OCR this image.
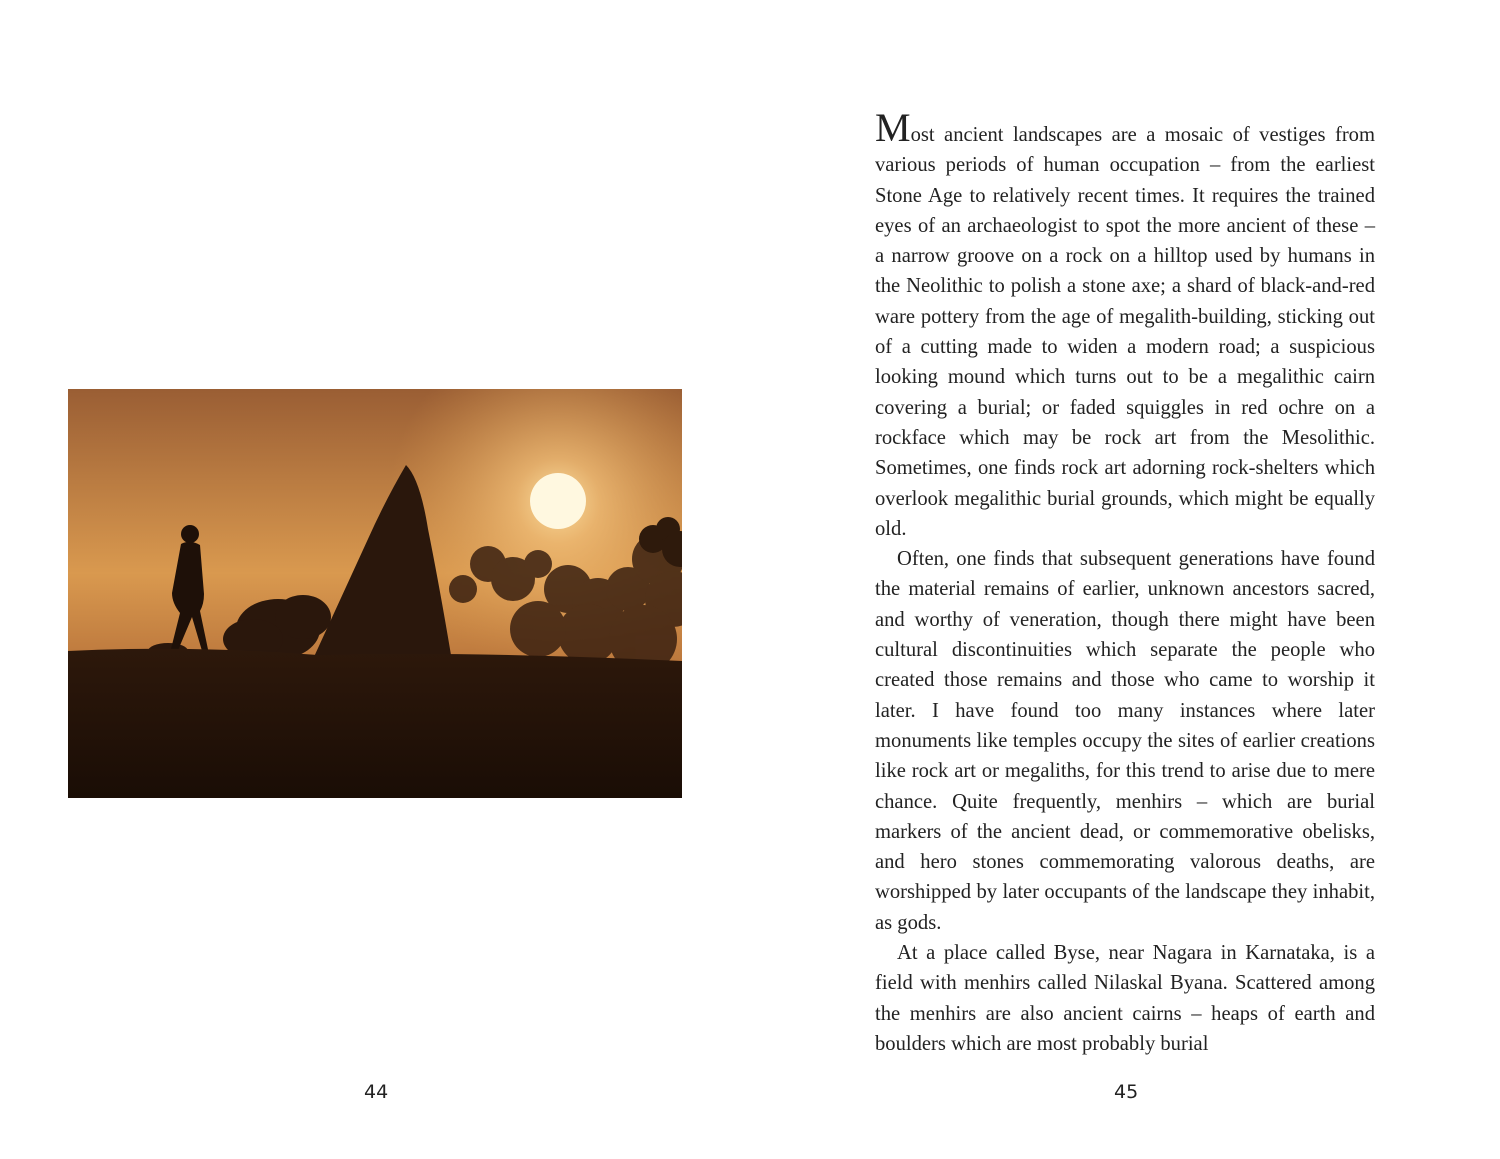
44

Most ancient landscapes are a mosaic of vestiges from various periods of human occupation – from the earliest Stone Age to relatively recent times. It requires the trained eyes of an archaeologist to spot the more ancient of these – a narrow groove on a rock on a hilltop used by humans in the Neolithic to polish a stone axe; a shard of black-and-red ware pottery from the age of megalith-building, sticking out of a cutting made to widen a modern road; a suspicious looking mound which turns out to be a megalithic cairn covering a burial; or faded squiggles in red ochre on a rockface which may be rock art from the Mesolithic. Sometimes, one finds rock art adorning rock-shelters which overlook megalithic burial grounds, which might be equally old.

Often, one finds that subsequent generations have found the material remains of earlier, unknown ancestors sacred, and worthy of veneration, though there might have been cultural discontinuities which separate the people who created those remains and those who came to worship it later. I have found too many instances where later monuments like temples occupy the sites of earlier creations like rock art or megaliths, for this trend to arise due to mere chance. Quite frequently, menhirs – which are burial markers of the ancient dead, or commemorative obelisks, and hero stones commemorating valorous deaths, are worshipped by later occupants of the landscape they inhabit, as gods.

At a place called Byse, near Nagara in Karnataka, is a field with menhirs called Nilaskal Byana. Scattered among the menhirs are also ancient cairns – heaps of earth and boulders which are most probably burial

45
